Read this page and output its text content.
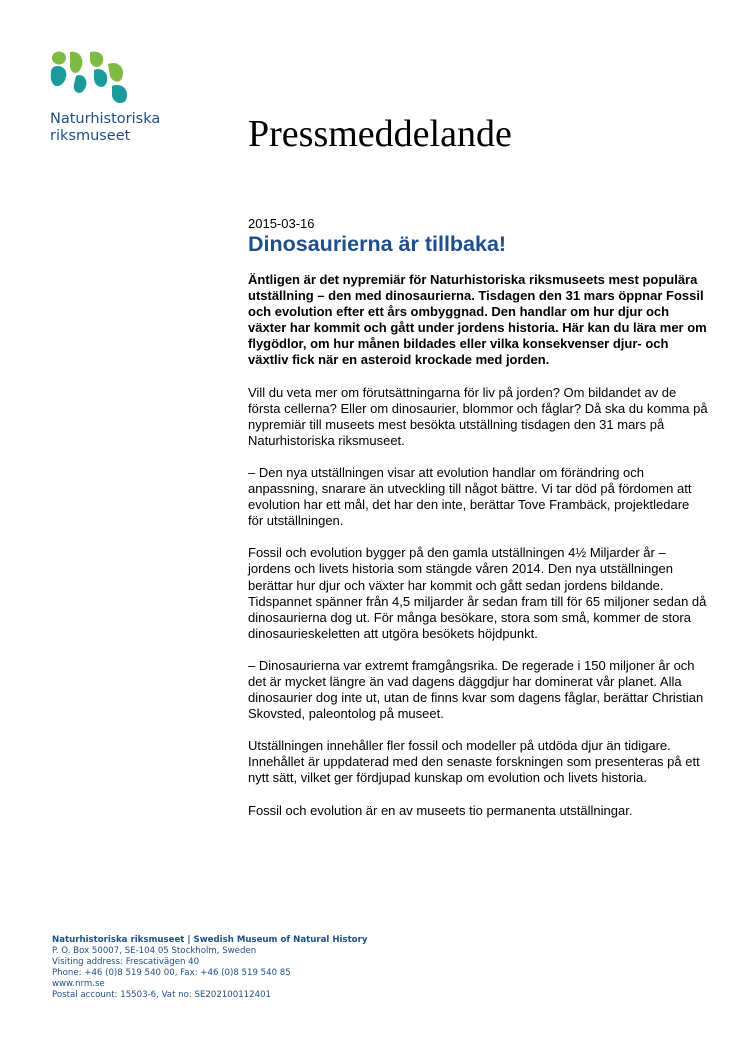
Naturhistoriska
riksmuseet	Pressmeddelande
2015-03-16
Dinosaurierna är tillbaka!

Äntligen är det nypremiär för Naturhistoriska riksmuseets mest populära utställning – den med dinosaurierna. Tisdagen den 31 mars öppnar Fossil och evolution efter ett års ombyggnad. Den handlar om hur djur och växter har kommit och gått under jordens historia. Här kan du lära mer om flygödlor, om hur månen bildades eller vilka konsekvenser djur- och växtliv fick när en asteroid krockade med jorden.

Vill du veta mer om förutsättningarna för liv på jorden? Om bildandet av de första cellerna? Eller om dinosaurier, blommor och fåglar? Då ska du komma på nypremiär till museets mest besökta utställning tisdagen den 31 mars på Naturhistoriska riksmuseet.

– Den nya utställningen visar att evolution handlar om förändring och anpassning, snarare än utveckling till något bättre. Vi tar död på fördomen att evolution har ett mål, det har den inte, berättar Tove Frambäck, projektledare för utställningen.

Fossil och evolution bygger på den gamla utställningen 4½ Miljarder år – jordens och livets historia som stängde våren 2014. Den nya utställningen berättar hur djur och växter har kommit och gått sedan jordens bildande. Tidspannet spänner från 4,5 miljarder år sedan fram till för 65 miljoner sedan då dinosaurierna dog ut. För många besökare, stora som små, kommer de stora dinosaurieskeletten att utgöra besökets höjdpunkt.

– Dinosaurierna var extremt framgångsrika. De regerade i 150 miljoner år och det är mycket längre än vad dagens däggdjur har dominerat vår planet. Alla dinosaurier dog inte ut, utan de finns kvar som dagens fåglar, berättar Christian Skovsted, paleontolog på museet.

Utställningen innehåller fler fossil och modeller på utdöda djur än tidigare. Innehållet är uppdaterad med den senaste forskningen som presenteras på ett nytt sätt, vilket ger fördjupad kunskap om evolution och livets historia.

Fossil och evolution är en av museets tio permanenta utställningar.

Naturhistoriska riksmuseet | Swedish Museum of Natural History
P. O. Box 50007, SE-104 05 Stockholm, Sweden
Visiting address: Frescativägen 40
Phone: +46 (0)8 519 540 00, Fax: +46 (0)8 519 540 85
www.nrm.se
Postal account: 15503-6, Vat no: SE202100112401
